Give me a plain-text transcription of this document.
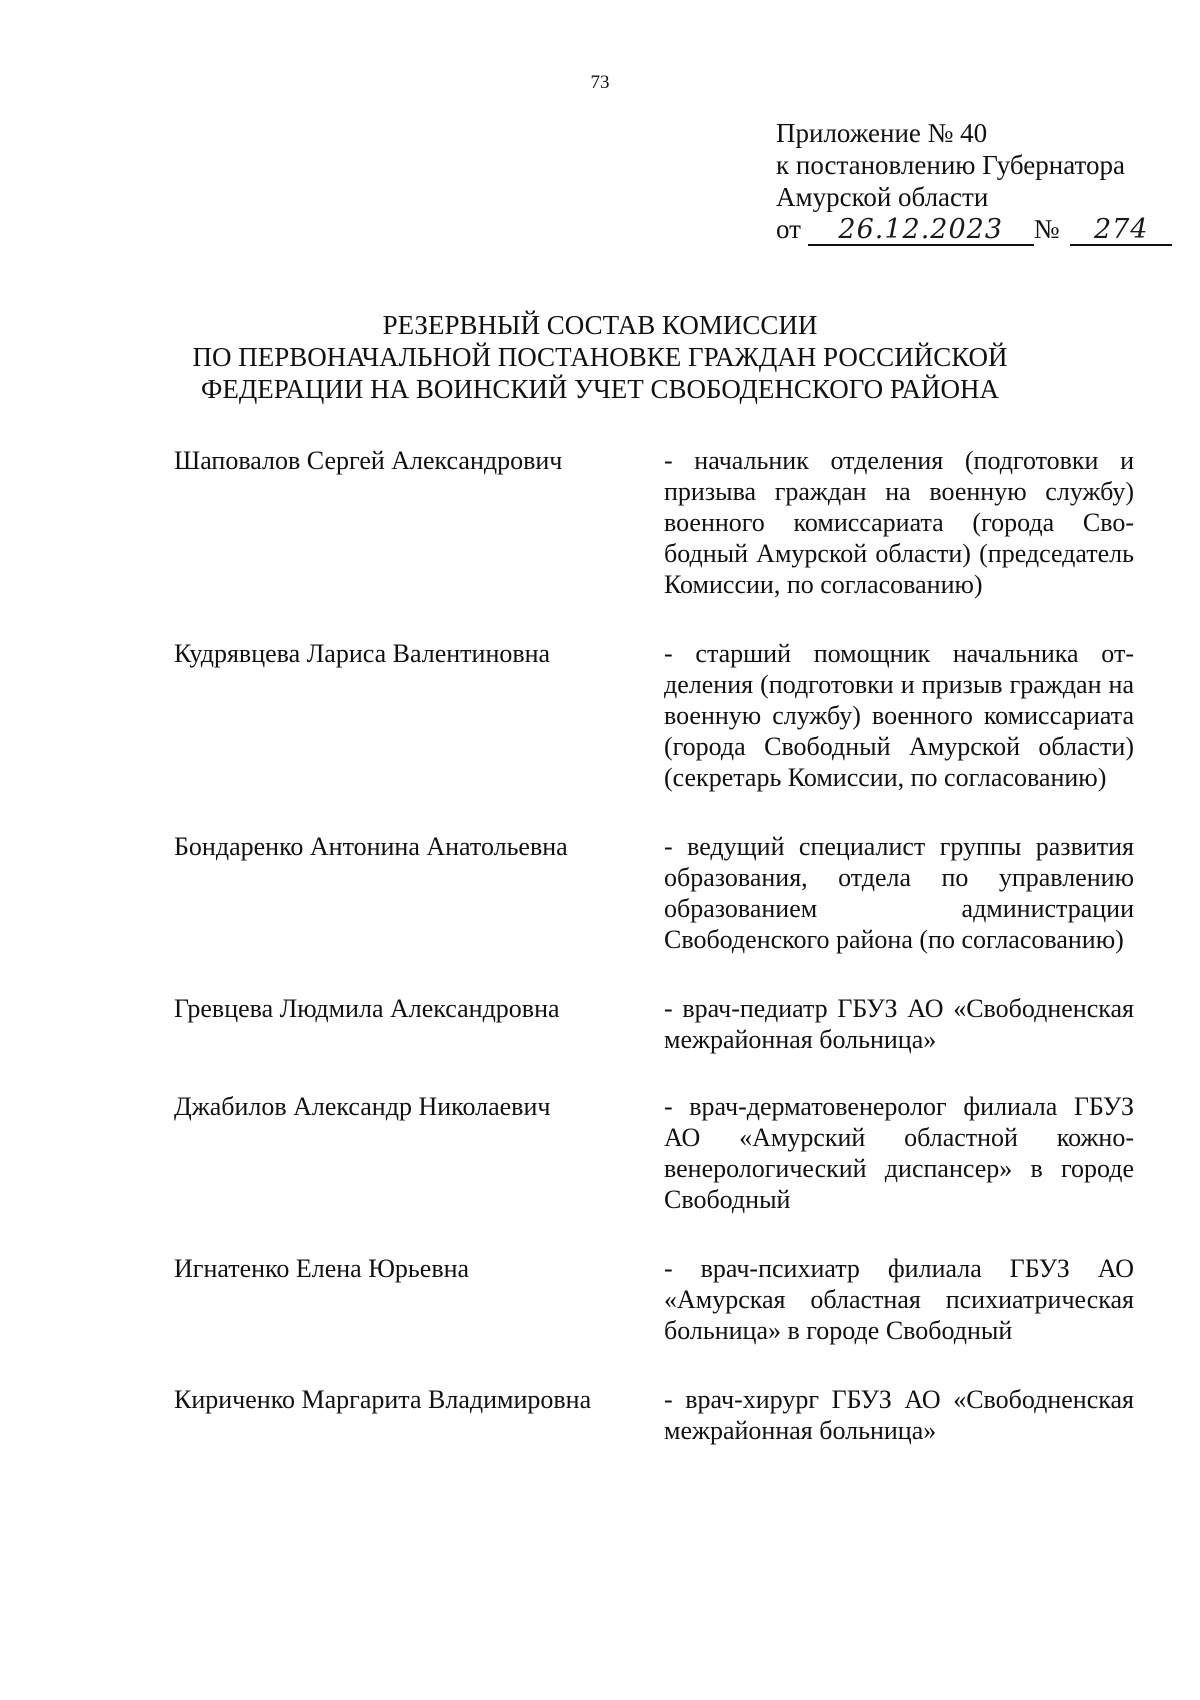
73
Приложение № 40
к постановлению Губернатора
Амурской области
от 26.12.2023 № 274
РЕЗЕРВНЫЙ СОСТАВ КОМИССИИ
ПО ПЕРВОНАЧАЛЬНОЙ ПОСТАНОВКЕ ГРАЖДАН РОССИЙСКОЙ
ФЕДЕРАЦИИ НА ВОИНСКИЙ УЧЕТ СВОБОДЕНСКОГО РАЙОНА
Шаповалов Сергей Александрович	- начальник отделения (подготовки и призыва граждан на военную службу) военного комиссариата (города Свободный Амурской области) (председатель Комиссии, по согласованию)
Кудрявцева Лариса Валентиновна	- старший помощник начальника отделения (подготовки и призыв граждан на военную службу) военного комиссариата (города Свободный Амурской области) (секретарь Комиссии, по согласованию)
Бондаренко Антонина Анатольевна	- ведущий специалист группы развития образования, отдела по управлению образованием администрации Свободенского района (по согласованию)
Гревцева Людмила Александровна	- врач-педиатр ГБУЗ АО «Свободненская межрайонная больница»
Джабилов Александр Николаевич	- врач-дерматовенеролог филиала ГБУЗ АО «Амурский областной кожно-венерологический диспансер» в городе Свободный
Игнатенко Елена Юрьевна	- врач-психиатр филиала ГБУЗ АО «Амурская областная психиатрическая больница» в городе Свободный
Кириченко Маргарита Владимировна	- врач-хирург ГБУЗ АО «Свободненская межрайонная больница»
